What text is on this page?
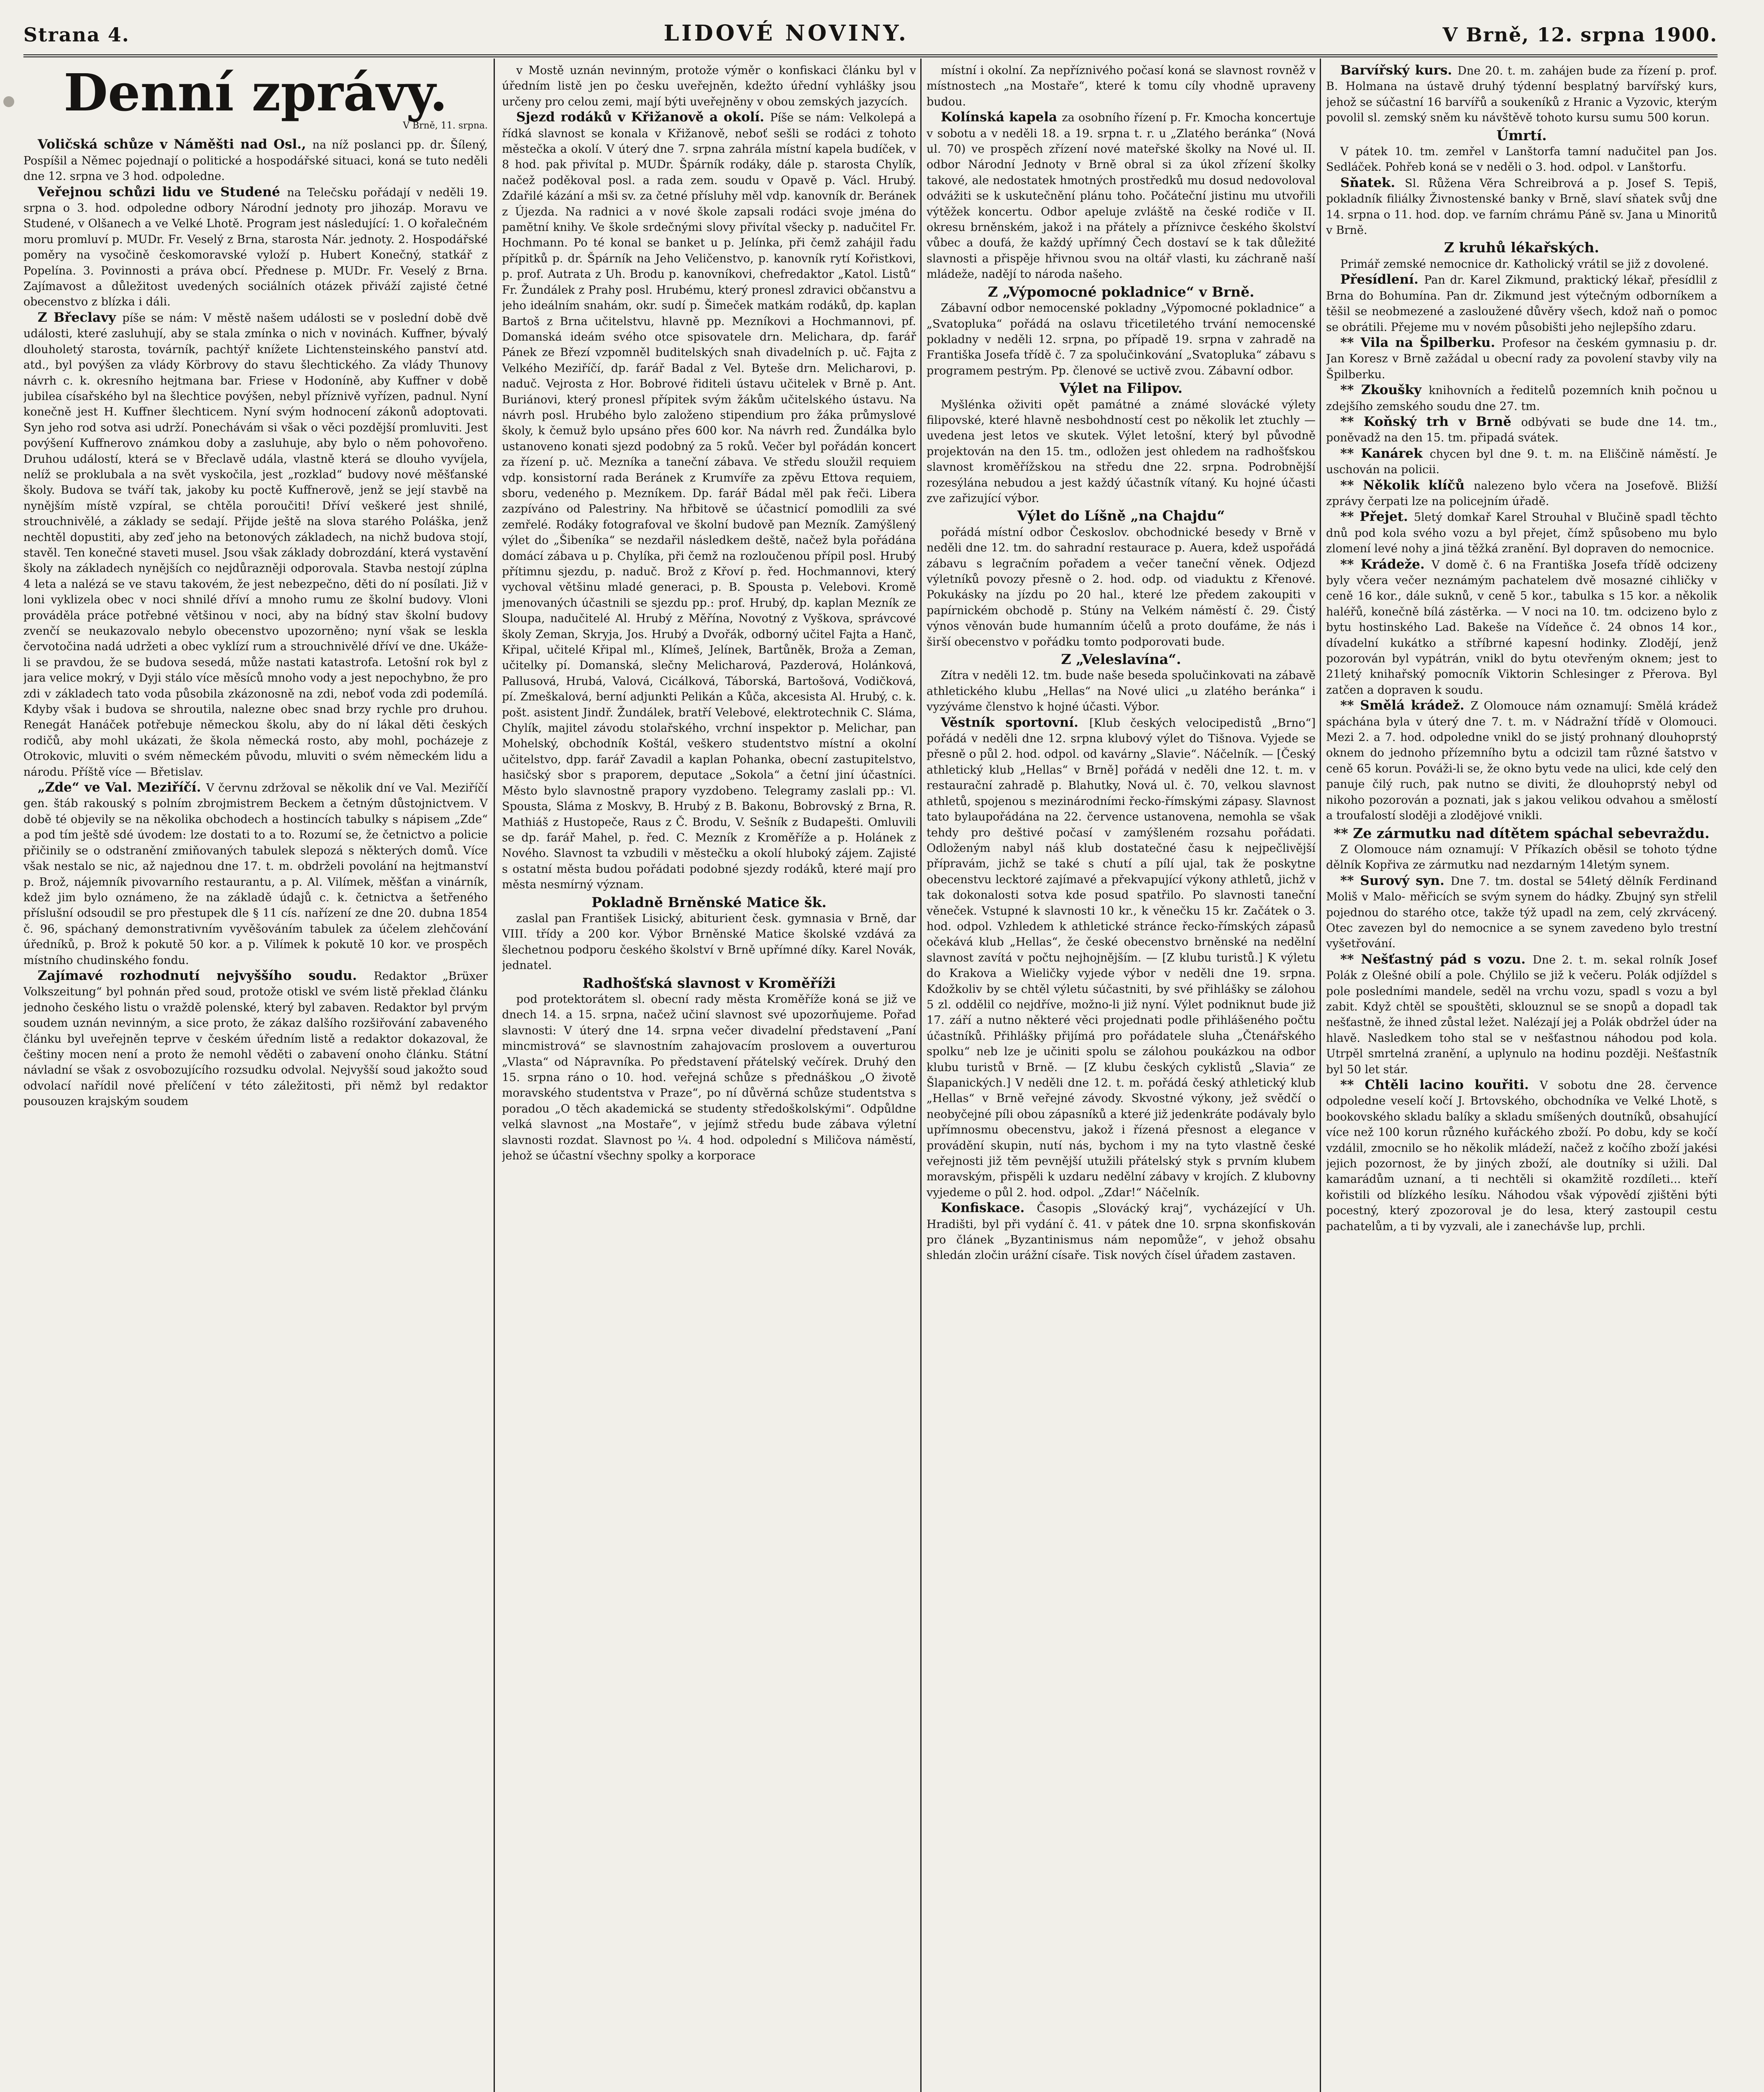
Strana 4.	LIDOVÉ NOVINY.	V Brně, 12. srpna 1900.
Denní zprávy.
V Brně, 11. srpna.

Voličská schůze v Náměšti nad Osl., na níž poslanci pp. dr. Šílený, Pospíšil a Němec pojednají o politické a hospodářské situaci, koná se tuto neděli dne 12. srpna ve 3 hod. odpoledne.

Veřejnou schůzi lidu ve Studené na Telečsku pořádají v neděli 19. srpna o 3. hod. odpoledne odbory Národní jednoty pro jihozáp. Moravu ve Studené, v Olšanech a ve Velké Lhotě. Program jest následující: 1. O kořalečném moru promluví p. MUDr. Fr. Veselý z Brna, starosta Nár. jednoty. 2. Hospodářské poměry na vysočině českomoravské vyloží p. Hubert Konečný, statkář z Popelína. 3. Povinnosti a práva obcí. Přednese p. MUDr. Fr. Veselý z Brna. Zajímavost a důležitost uvedených sociálních otázek přiváží zajisté četné obecenstvo z blízka i dáli.

Z Břeclavy píše se nám: V městě našem události se v poslední době dvě události, které zasluhují, aby se stala zmínka o nich v novinách. Kuffner, bývalý dlouholetý starosta, továrník, pachtýř knížete Lichtensteinského panství atd. atd., byl povýšen za vlády Körbrovy do stavu šlechtického. Za vlády Thunovy návrh c. k. okresního hejtmana bar. Friese v Hodoníně, aby Kuffner v době jubilea císařského byl na šlechtice povýšen, nebyl příznivě vyřízen, padnul. Nyní konečně jest H. Kuffner šlechticem. Nyní svým hodnocení zákonů adoptovati. Syn jeho rod sotva asi udrží. Ponechávám si však o věci pozdější promluviti. Jest povýšení Kuffnerovo známkou doby a zasluhuje, aby bylo o něm pohovořeno. Druhou událostí, která se v Břeclavě udála, vlastně která se dlouho vyvíjela, nelíž se proklubala a na svět vyskočila, jest „rozklad“ budovy nové měšťanské školy. Budova se tváří tak, jakoby ku poctě Kuffnerově, jenž se její stavbě na nynějším místě vzpíral, se chtěla poroučiti! Dříví veškeré jest shnilé, strouchnivělé, a základy se sedají. Přijde ještě na slova starého Poláška, jenž nechtěl dopustiti, aby zeď jeho na betonových základech, na nichž budova stojí, stavěl. Ten konečné staveti musel. Jsou však základy dobrozdání, která vystavění školy na základech nynějších co nejdůrazněji odporovala. Stavba nestojí zúplna 4 leta a nalézá se ve stavu takovém, že jest nebezpečno, děti do ní posílati. Již v loni vyklizela obec v noci shnilé dříví a mnoho rumu ze školní budovy. Vloni prováděla práce potřebné většinou v noci, aby na bídný stav školní budovy zvenčí se neukazovalo nebylo obecenstvo upozorněno; nyní však se leskla červotočina nadá udržeti a obec vyklízí rum a strouchnivělé dříví ve dne. Ukáže-li se pravdou, že se budova sesedá, může nastati katastrofa. Letošní rok byl z jara velice mokrý, v Dyji stálo více měsíců mnoho vody a jest nepochybno, že pro zdi v základech tato voda působila zkázonosně na zdi, neboť voda zdi podemílá. Kdyby však i budova se shroutila, nalezne obec snad brzy rychle pro druhou. Renegát Hanáček potřebuje německou školu, aby do ní lákal děti českých rodičů, aby mohl ukázati, že škola německá rosto, aby mohl, pocházeje z Otrokovic, mluviti o svém německém původu, mluviti o svém německém lidu a národu. Příště více — Břetislav.

„Zde“ ve Val. Meziříčí. V červnu zdržoval se několik dní ve Val. Meziříčí gen. štáb rakouský s polním zbrojmistrem Beckem a četným důstojnictvem. V době té objevily se na několika obchodech a hostincích tabulky s nápisem „Zde“ a pod tím ještě sdé úvodem: lze dostati to a to. Rozumí se, že četnictvo a policie přičinily se o odstranění zmiňovaných tabulek slepozá s některých domů. Více však nestalo se nic, až najednou dne 17. t. m. obdrželi povolání na hejtmanství p. Brož, nájemník pivovarního restaurantu, a p. Al. Vilímek, měšťan a vinárník, kdež jim bylo oznámeno, že na základě údajů c. k. četnictva a šetřeného příslušní odsoudil se pro přestupek dle § 11 cís. nařízení ze dne 20. dubna 1854 č. 96, spáchaný demonstrativním vyvěšováním tabulek za účelem zlehčování úředníků, p. Brož k pokutě 50 kor. a p. Vilímek k pokutě 10 kor. ve prospěch místního chudinského fondu.

Zajímavé rozhodnutí nejvyššího soudu. Redaktor „Brüxer Volkszeitung“ byl pohnán před soud, protože otiskl ve svém listě překlad článku jednoho českého listu o vraždě polenské, který byl zabaven. Redaktor byl prvým soudem uznán nevinným, a sice proto, že zákaz dalšího rozšiřování zabaveného článku byl uveřejněn teprve v českém úředním listě a redaktor dokazoval, že češtiny mocen není a proto že nemohl věděti o zabavení onoho článku. Státní návladní se však z osvobozujícího rozsudku odvolal. Nejvyšší soud jakožto soud odvolací nařídil nové přelíčení v této záležitosti, při němž byl redaktor pousouzen krajským soudem

v Mostě uznán nevinným, protože výměr o konfiskaci článku byl v úředním listě jen po česku uveřejněn, kdežto úřední vyhlášky jsou určeny pro celou zemi, mají býti uveřejněny v obou zemských jazycích.

Sjezd rodáků v Křižanově a okolí. Píše se nám: Velkolepá a řídká slavnost se konala v Křižanově, neboť sešli se rodáci z tohoto městečka a okolí. V úterý dne 7. srpna zahrála místní kapela budíček, v 8 hod. pak přivítal p. MUDr. Špárník rodáky, dále p. starosta Chylík, načež poděkoval posl. a rada zem. soudu v Opavě p. Václ. Hrubý. Zdařilé kázání a mši sv. za četné přísluhy měl vdp. kanovník dr. Beránek z Újezda. Na radnici a v nové škole zapsali rodáci svoje jména do pamětní knihy. Ve škole srdečnými slovy přivítal všecky p. nadučitel Fr. Hochmann. Po té konal se banket u p. Jelínka, při čemž zahájil řadu přípitků p. dr. Špárník na Jeho Veličenstvo, p. kanovník rytí Kořistkovi, p. prof. Autrata z Uh. Brodu p. kanovníkovi, chefredaktor „Katol. Listů“ Fr. Žundálek z Prahy posl. Hrubému, který pronesl zdravici občanstvu a jeho ideálním snahám, okr. sudí p. Šimeček matkám rodáků, dp. kaplan Bartoš z Brna učitelstvu, hlavně pp. Mezníkovi a Hochmannovi, pf. Domanská ideám svého otce spisovatele drn. Melichara, dp. farář Pánek ze Březí vzpomněl buditelských snah divadelních p. uč. Fajta z Velkého Meziříčí, dp. farář Badal z Vel. Byteše drn. Melicharovi, p. naduč. Vejrosta z Hor. Bobrové řiditeli ústavu učitelek v Brně p. Ant. Buriánovi, který pronesl přípitek svým žákům učitelského ústavu. Na návrh posl. Hrubého bylo založeno stipendium pro žáka průmyslové školy, k čemuž bylo upsáno přes 600 kor. Na návrh red. Žundálka bylo ustanoveno konati sjezd podobný za 5 roků. Večer byl pořádán koncert za řízení p. uč. Mezníka a taneční zábava. Ve středu sloužil requiem vdp. konsistorní rada Beránek z Krumvíře za zpěvu Ettova requiem, sboru, vedeného p. Mezníkem. Dp. farář Bádal měl pak řeči. Libera zazpíváno od Palestriny. Na hřbitově se účastnicí pomodlili za své zemřelé. Rodáky fotografoval ve školní budově pan Mezník. Zamýšlený výlet do „Šibeníka“ se nezdařil následkem deště, načež byla pořádána domácí zábava u p. Chylíka, při čemž na rozloučenou přípil posl. Hrubý přítimnu sjezdu, p. naduč. Brož z Křoví p. řed. Hochmannovi, který vychoval většinu mladé generaci, p. B. Spousta p. Velebovi. Kromě jmenovaných účastnili se sjezdu pp.: prof. Hrubý, dp. kaplan Mezník ze Sloupa, nadučitelé Al. Hrubý z Měřína, Novotný z Vyškova, správcové školy Zeman, Skryja, Jos. Hrubý a Dvořák, odborný učitel Fajta a Hanč, Křipal, učitelé Křipal ml., Klímeš, Jelínek, Bartůněk, Broža a Zeman, učitelky pí. Domanská, slečny Melicharová, Pazderová, Holánková, Pallusová, Hrubá, Valová, Cicálková, Táborská, Bartošová, Vodičková, pí. Zmeškalová, berní adjunkti Pelikán a Kůča, akcesista Al. Hrubý, c. k. pošt. asistent Jindř. Žundálek, bratří Velebové, elektrotechnik C. Sláma, Chylík, majitel závodu stolařského, vrchní inspektor p. Melichar, pan Mohelský, obchodník Koštál, veškero studentstvo místní a okolní učitelstvo, dpp. farář Zavadil a kaplan Pohanka, obecní zastupitelstvo, hasičský sbor s praporem, deputace „Sokola“ a četní jiní účastníci. Město bylo slavnostně prapory vyzdobeno. Telegramy zaslali pp.: Vl. Spousta, Sláma z Moskvy, B. Hrubý z B. Bakonu, Bobrovský z Brna, R. Mathiáš z Hustopeče, Raus z Č. Brodu, V. Sešník z Budapešti. Omluvili se dp. farář Mahel, p. řed. C. Mezník z Kroměříže a p. Holánek z Nového. Slavnost ta vzbudili v městečku a okolí hluboký zájem. Zajisté s ostatní města budou pořádati podobné sjezdy rodáků, které mají pro města nesmírný význam.

Pokladně Brněnské Matice šk.

zaslal pan František Lisický, abiturient česk. gymnasia v Brně, dar VIII. třídy a 200 kor. Výbor Brněnské Matice školské vzdává za šlechetnou podporu českého školství v Brně upřímné díky. Karel Novák, jednatel.

Radhošťská slavnost v Kroměříži

pod protektorátem sl. obecní rady města Kroměříže koná se již ve dnech 14. a 15. srpna, načež učiní slavnost své upozorňujeme. Pořad slavnosti: V úterý dne 14. srpna večer divadelní představení „Paní mincmistrová“ se slavnostním zahajovacím proslovem a ouverturou „Vlasta“ od Nápravníka. Po představení přátelský večírek. Druhý den 15. srpna ráno o 10. hod. veřejná schůze s přednáškou „O životě moravského studentstva v Praze“, po ní důvěrná schůze studentstva s poradou „O těch akademická se studenty středoškolskými“. Odpůldne velká slavnost „na Mostaře“, v jejímž středu bude zábava výletní slavnosti rozdat. Slavnost po ¼. 4 hod. odpolední s Miličova náměstí, jehož se účastní všechny spolky a korporace

místní i okolní. Za nepříznivého počasí koná se slavnost rovněž v místnostech „na Mostaře“, které k tomu cíly vhodně upraveny budou.

Kolínská kapela za osobního řízení p. Fr. Kmocha koncertuje v sobotu a v neděli 18. a 19. srpna t. r. u „Zlatého beránka“ (Nová ul. 70) ve prospěch zřízení nové mateřské školky na Nové ul. II. odbor Národní Jednoty v Brně obral si za úkol zřízení školky takové, ale nedostatek hmotných prostředků mu dosud nedovoloval odvážiti se k uskutečnění plánu toho. Počáteční jistinu mu utvořili výtěžek koncertu. Odbor apeluje zvláště na české rodiče v II. okresu brněnském, jakož i na přátely a příznivce českého školství vůbec a doufá, že každý upřímný Čech dostaví se k tak důležité slavnosti a přispěje hřivnou svou na oltář vlasti, ku záchraně naší mládeže, nadějí to národa našeho.

Z „Výpomocné pokladnice“ v Brně.

Zábavní odbor nemocenské pokladny „Výpomocné pokladnice“ a „Svatopluka“ pořádá na oslavu třicetiletého trvání nemocenské pokladny v neděli 12. srpna, po případě 19. srpna v zahradě na Františka Josefa třídě č. 7 za spolučinkování „Svatopluka“ zábavu s programem pestrým. Pp. členové se uctivě zvou. Zábavní odbor.

Výlet na Filipov.

Myšlénka oživiti opět památné a známé slovácké výlety filipovské, které hlavně nesbohdností cest po několik let ztuchly — uvedena jest letos ve skutek. Výlet letošní, který byl původně projektován na den 15. tm., odložen jest ohledem na radhošťskou slavnost kroměřížskou na středu dne 22. srpna. Podrobnější rozesýlána nebudou a jest každý účastník vítaný. Ku hojné účasti zve zařizující výbor.

Výlet do Líšně „na Chajdu“

pořádá místní odbor Českoslov. obchodnické besedy v Brně v neděli dne 12. tm. do sahradní restaurace p. Auera, kdež uspořádá zábavu s legračním pořadem a večer taneční věnek. Odjezd výletníků povozy přesně o 2. hod. odp. od viaduktu z Křenové. Pokukásky na jízdu po 20 hal., které lze předem zakoupiti v papírnickém obchodě p. Stúny na Velkém náměstí č. 29. Čistý výnos věnován bude humanním účelů a proto doufáme, že nás i širší obecenstvo v pořádku tomto podporovati bude.

Z „Veleslavína“.

Zítra v neděli 12. tm. bude naše beseda spolučinkovati na zábavě athletického klubu „Hellas“ na Nové ulici „u zlatého beránka“ i vyzýváme členstvo k hojné účasti. Výbor.

Věstník sportovní. [Klub českých velocipedistů „Brno“] pořádá v neděli dne 12. srpna klubový výlet do Tišnova. Vyjede se přesně o půl 2. hod. odpol. od kavárny „Slavie“. Náčelník. — [Český athletický klub „Hellas“ v Brně] pořádá v neděli dne 12. t. m. v restaurační zahradě p. Blahutky, Nová ul. č. 70, velkou slavnost athletů, spojenou s mezinárodními řecko-římskými zápasy. Slavnost tato bylaupořádána na 22. července ustanovena, nemohla se však tehdy pro deštivé počasí v zamýšleném rozsahu pořádati. Odloženým nabyl náš klub dostatečné času k nejpečlivější přípravám, jichž se také s chutí a pílí ujal, tak že poskytne obecenstvu lecktoré zajímavé a překvapující výkony athletů, jichž v tak dokonalosti sotva kde posud spatřilo. Po slavnosti taneční věneček. Vstupné k slavnosti 10 kr., k věnečku 15 kr. Začátek o 3. hod. odpol. Vzhledem k athletické stránce řecko-římských zápasů očekává klub „Hellas“, že české obecenstvo brněnské na nedělní slavnost zavítá v počtu nejhojnějším. — [Z klubu turistů.] K výletu do Krakova a Wieličky vyjede výbor v neděli dne 19. srpna. Kdožkoliv by se chtěl výletu súčastniti, by své přihlášky se zálohou 5 zl. oddělil co nejdříve, možno-li již nyní. Výlet podniknut bude již 17. září a nutno některé věci projednati podle přihlášeného počtu účastníků. Přihlášky přijímá pro pořádatele sluha „Čtenářského spolku“ neb lze je učiniti spolu se zálohou poukázkou na odbor klubu turistů v Brně. — [Z klubu českých cyklistů „Slavia“ ze Šlapanických.] V neděli dne 12. t. m. pořádá český athletický klub „Hellas“ v Brně veřejné závody. Skvostné výkony, jež svědčí o neobyčejné píli obou zápasníků a které již jedenkráte podávaly bylo upřímnosmu obecenstvu, jakož i řízená přesnost a elegance v provádění skupin, nutí nás, bychom i my na tyto vlastně české veřejnosti již těm pevnější utužili přátelský styk s prvním klubem moravským, přispěli k uzdaru nedělní zábavy v krojích. Z klubovny vyjedeme o půl 2. hod. odpol. „Zdar!“ Náčelník.

Konfiskace. Časopis „Slovácký kraj“, vycházející v Uh. Hradišti, byl při vydání č. 41. v pátek dne 10. srpna skonfiskován pro článek „Byzantinismus nám nepomůže“, v jehož obsahu shledán zločin urážní císaře. Tisk nových čísel úřadem zastaven.

Barvířský kurs. Dne 20. t. m. zahájen bude za řízení p. prof. B. Holmana na ústavě druhý týdenní besplatný barvířský kurs, jehož se súčastní 16 barvířů a soukeníků z Hranic a Vyzovic, kterým povolil sl. zemský sněm ku návštěvě tohoto kursu sumu 500 korun.

Úmrtí.

V pátek 10. tm. zemřel v Lanštorfa tamní nadučitel pan Jos. Sedláček. Pohřeb koná se v neděli o 3. hod. odpol. v Lanštorfu.

Sňatek. Sl. Růžena Věra Schreibrová a p. Josef S. Tepiš, pokladník filiálky Živnostenské banky v Brně, slaví sňatek svůj dne 14. srpna o 11. hod. dop. ve farním chrámu Páně sv. Jana u Minoritů v Brně.

Z kruhů lékařských.

Primář zemské nemocnice dr. Katholický vrátil se již z dovolené.

Přesídlení. Pan dr. Karel Zikmund, praktický lékař, přesídlil z Brna do Bohumína. Pan dr. Zikmund jest výtečným odborníkem a těšil se neobmezené a zasloužené důvěry všech, kdož naň o pomoc se obrátili. Přejeme mu v novém působišti jeho nejlepšího zdaru.

** Vila na Špilberku. Profesor na českém gymnasiu p. dr. Jan Koresz v Brně zažádal u obecní rady za povolení stavby vily na Špilberku.

** Zkoušky knihovních a ředitelů pozemních knih počnou u zdejšího zemského soudu dne 27. tm.

** Koňský trh v Brně odbývati se bude dne 14. tm., poněvadž na den 15. tm. připadá svátek.

** Kanárek chycen byl dne 9. t. m. na Eliščině náměstí. Je uschován na policii.

** Několik klíčů nalezeno bylo včera na Josefově. Bližší zprávy čerpati lze na policejním úřadě.

** Přejet. 5letý domkař Karel Strouhal v Blučině spadl těchto dnů pod kola svého vozu a byl přejet, čímž spůsobeno mu bylo zlomení levé nohy a jiná těžká zranění. Byl dopraven do nemocnice.

** Krádeže. V domě č. 6 na Františka Josefa třídě odcizeny byly včera večer neznámým pachatelem dvě mosazné cihličky v ceně 16 kor., dále suknů, v ceně 5 kor., tabulka s 15 kor. a několik haléřů, konečně bílá zástěrka. — V noci na 10. tm. odcizeno bylo z bytu hostinského Lad. Bakeše na Vídeňce č. 24 obnos 14 kor., dívadelní kukátko a stříbrné kapesní hodinky. Zlodějí, jenž pozorován byl vypátrán, vnikl do bytu otevřeným oknem; jest to 21letý knihařský pomocník Viktorin Schlesinger z Přerova. Byl zatčen a dopraven k soudu.

** Smělá krádež. Z Olomouce nám oznamují: Smělá krádež spáchána byla v úterý dne 7. t. m. v Nádražní třídě v Olomouci. Mezi 2. a 7. hod. odpoledne vnikl do se jistý prohnaný dlouhoprstý oknem do jednoho přízemního bytu a odcizil tam různé šatstvo v ceně 65 korun. Pováži-li se, že okno bytu vede na ulici, kde celý den panuje čilý ruch, pak nutno se diviti, že dlouhoprstý nebyl od nikoho pozorován a poznati, jak s jakou velikou odvahou a smělostí a troufalostí sloději a zlodějové vnikli.

** Ze zármutku nad dítětem spáchal sebevraždu.

Z Olomouce nám oznamují: V Příkazích oběsil se tohoto týdne dělník Kopřiva ze zármutku nad nezdarným 14letým synem.

** Surový syn. Dne 7. tm. dostal se 54letý dělník Ferdinand Moliš v Malo- měřicích se svým synem do hádky. Zbujný syn střelil pojednou do starého otce, takže týž upadl na zem, celý zkrvácený. Otec zavezen byl do nemocnice a se synem zavedeno bylo trestní vyšetřování.

** Nešťastný pád s vozu. Dne 2. t. m. sekal rolník Josef Polák z Olešné obilí a pole. Chýlilo se již k večeru. Polák odjíždel s pole posledními mandele, seděl na vrchu vozu, spadl s vozu a byl zabit. Když chtěl se spouštěti, sklouznul se se snopů a dopadl tak nešťastně, že ihned zůstal ležet. Nalézají jej a Polák obdržel úder na hlavě. Nasledkem toho stal se v nešťastnou náhodou pod kola. Utrpěl smrtelná zranění, a uplynulo na hodinu později. Nešťastník byl 50 let stár.

** Chtěli lacino kouřiti. V sobotu dne 28. července odpoledne veselí kočí J. Brtovského, obchodníka ve Velké Lhotě, s bookovského skladu balíky a skladu smíšených doutníků, obsahující více než 100 korun různého kuřáckého zboží. Po dobu, kdy se kočí vzdálil, zmocnilo se ho několik mládeží, načež z kočího zboží jakési jejich pozornost, že by jiných zboží, ale doutníky si užili. Dal kamarádům uznaní, a ti nechtěli si okamžitě rozdíleti... kteří kořistili od blízkého lesíku. Náhodou však výpovědí zjištěni býti pocestný, který zpozoroval je do lesa, který zastoupil cestu pachatelům, a ti by vyzvali, ale i zanechávše lup, prchli.
